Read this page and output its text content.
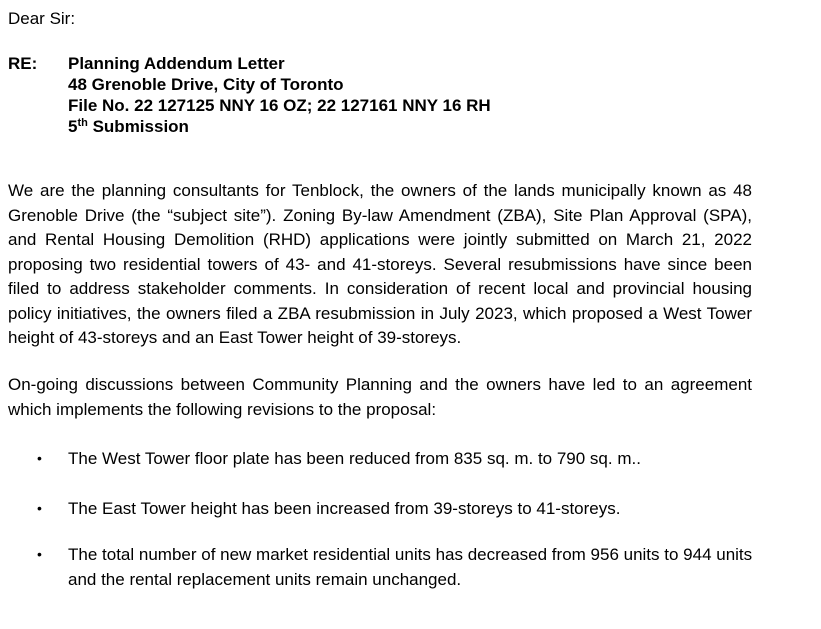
Dear Sir:
RE: Planning Addendum Letter
48 Grenoble Drive, City of Toronto
File No. 22 127125 NNY 16 OZ; 22 127161 NNY 16 RH
5th Submission
We are the planning consultants for Tenblock, the owners of the lands municipally known as 48 Grenoble Drive (the “subject site”). Zoning By-law Amendment (ZBA), Site Plan Approval (SPA), and Rental Housing Demolition (RHD) applications were jointly submitted on March 21, 2022 proposing two residential towers of 43- and 41-storeys. Several resubmissions have since been filed to address stakeholder comments. In consideration of recent local and provincial housing policy initiatives, the owners filed a ZBA resubmission in July 2023, which proposed a West Tower height of 43-storeys and an East Tower height of 39-storeys.
On-going discussions between Community Planning and the owners have led to an agreement which implements the following revisions to the proposal:
• The West Tower floor plate has been reduced from 835 sq. m. to 790 sq. m..
• The East Tower height has been increased from 39-storeys to 41-storeys.
• The total number of new market residential units has decreased from 956 units to 944 units and the rental replacement units remain unchanged.
